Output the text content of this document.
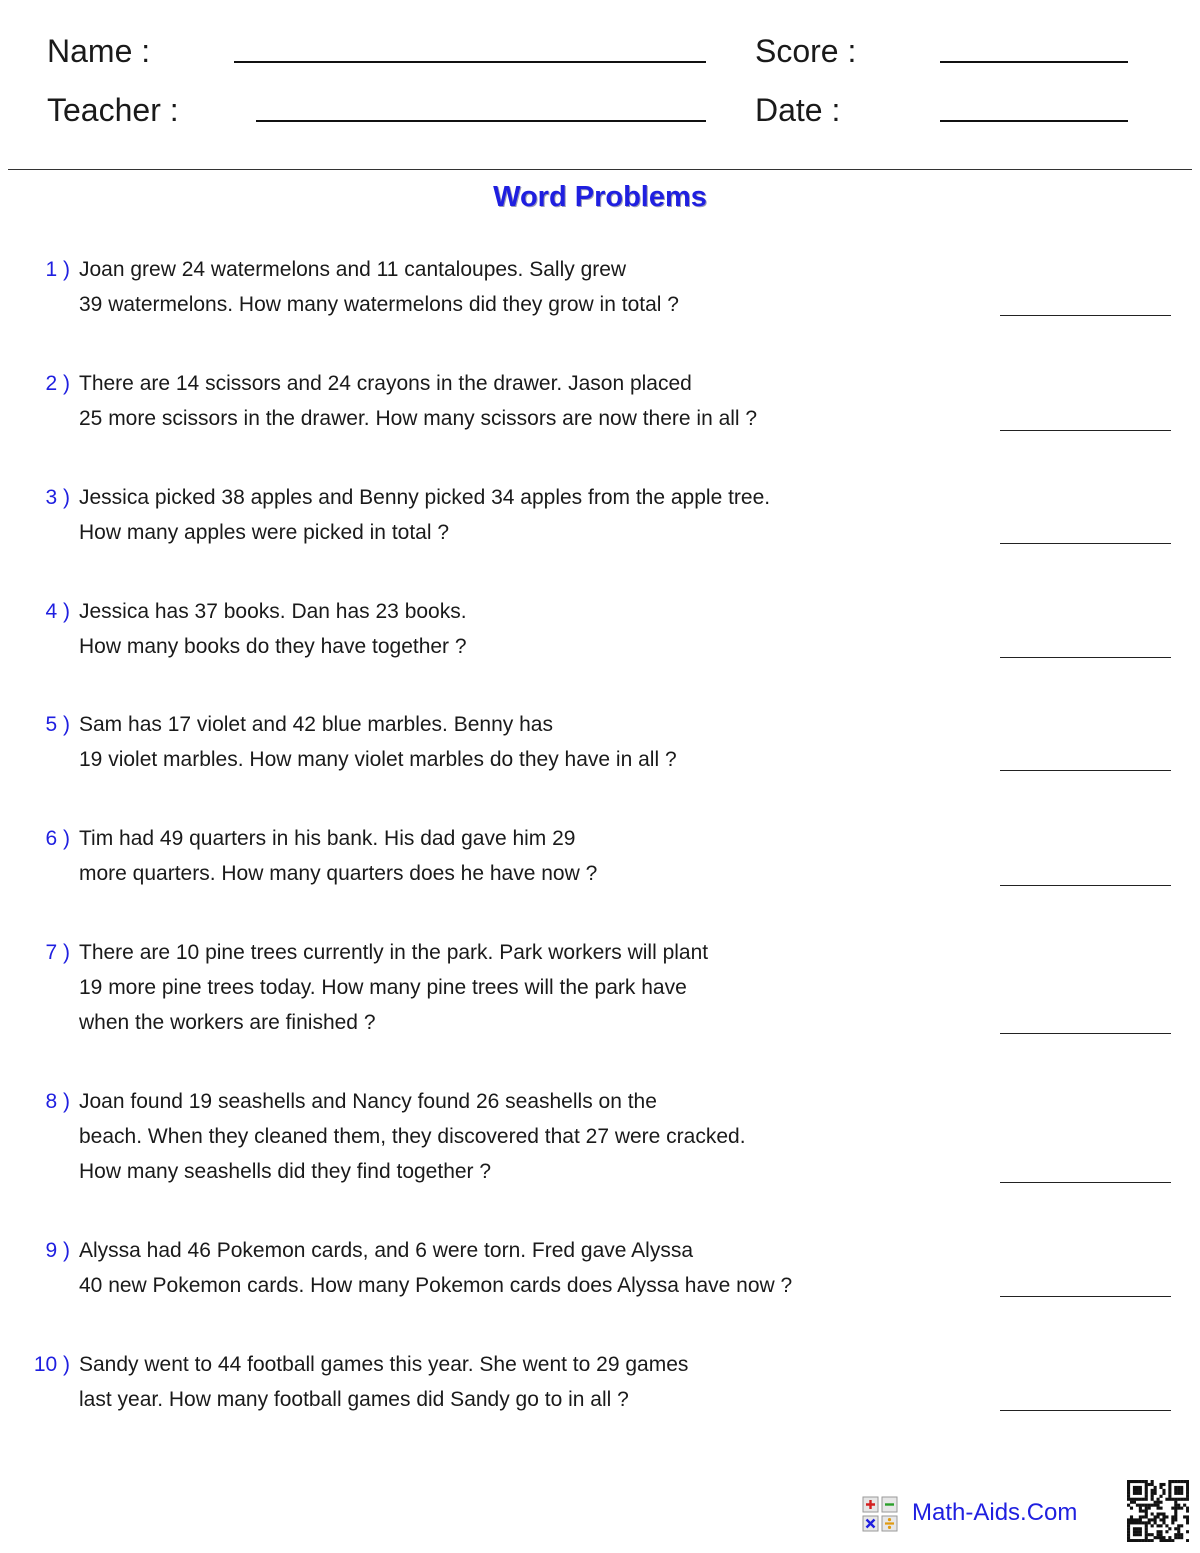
Name :	Score :
Teacher :	Date :
Word Problems
1 ) Joan grew 24 watermelons and 11 cantaloupes. Sally grew
39 watermelons. How many watermelons did they grow in total ?
2 ) There are 14 scissors and 24 crayons in the drawer. Jason placed
25 more scissors in the drawer. How many scissors are now there in all ?
3 ) Jessica picked 38 apples and Benny picked 34 apples from the apple tree.
How many apples were picked in total ?
4 ) Jessica has 37 books. Dan has 23 books.
How many books do they have together ?
5 ) Sam has 17 violet and 42 blue marbles. Benny has
19 violet marbles. How many violet marbles do they have in all ?
6 ) Tim had 49 quarters in his bank. His dad gave him 29
more quarters. How many quarters does he have now ?
7 ) There are 10 pine trees currently in the park. Park workers will plant
19 more pine trees today. How many pine trees will the park have
when the workers are finished ?
8 ) Joan found 19 seashells and Nancy found 26 seashells on the
beach. When they cleaned them, they discovered that 27 were cracked.
How many seashells did they find together ?
9 ) Alyssa had 46 Pokemon cards, and 6 were torn. Fred gave Alyssa
40 new Pokemon cards. How many Pokemon cards does Alyssa have now ?
10 ) Sandy went to 44 football games this year. She went to 29 games
last year. How many football games did Sandy go to in all ?
Math-Aids.Com
